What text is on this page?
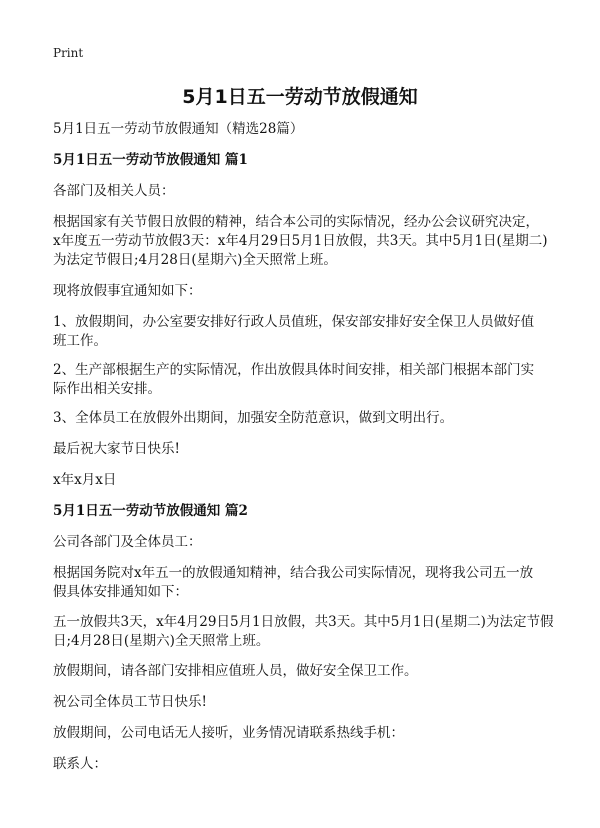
Print
5月1日五一劳动节放假通知
5月1日五一劳动节放假通知（精选28篇）
5月1日五一劳动节放假通知 篇1
各部门及相关人员：
根据国家有关节假日放假的精神，结合本公司的实际情况，经办公会议研究决定，
x年度五一劳动节放假3天：x年4月29日5月1日放假，共3天。其中5月1日(星期二)
为法定节假日;4月28日(星期六)全天照常上班。
现将放假事宜通知如下：
1、放假期间，办公室要安排好行政人员值班，保安部安排好安全保卫人员做好值
班工作。
2、生产部根据生产的实际情况，作出放假具体时间安排，相关部门根据本部门实
际作出相关安排。
3、全体员工在放假外出期间，加强安全防范意识，做到文明出行。
最后祝大家节日快乐!
x年x月x日
5月1日五一劳动节放假通知 篇2
公司各部门及全体员工：
根据国务院对x年五一的放假通知精神，结合我公司实际情况，现将我公司五一放
假具体安排通知如下：
五一放假共3天，x年4月29日5月1日放假，共3天。其中5月1日(星期二)为法定节假
日;4月28日(星期六)全天照常上班。
放假期间，请各部门安排相应值班人员，做好安全保卫工作。
祝公司全体员工节日快乐!
放假期间，公司电话无人接听，业务情况请联系热线手机：
联系人：
